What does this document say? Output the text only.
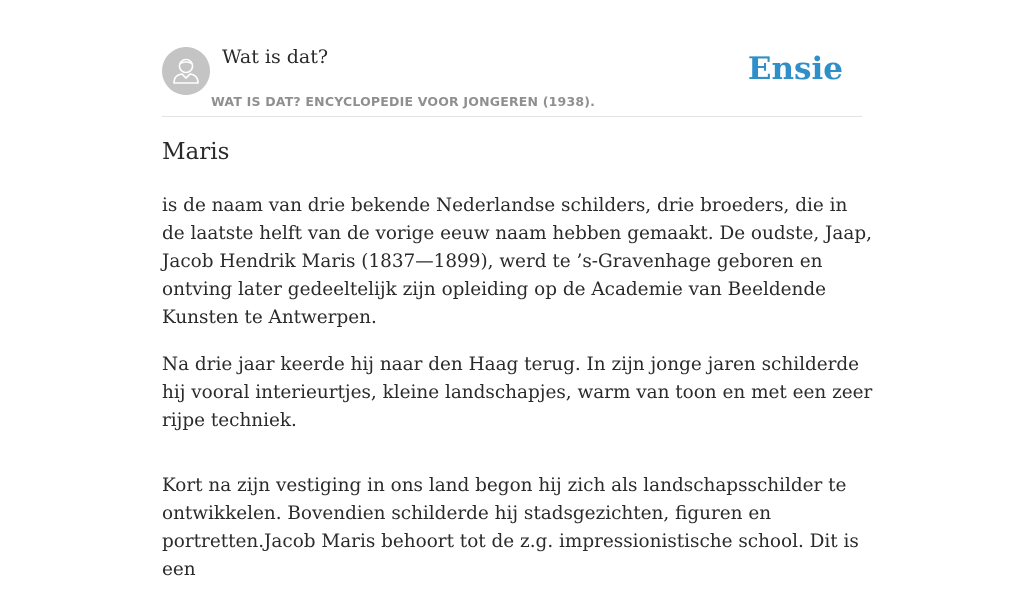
Wat is dat?
WAT IS DAT? ENCYCLOPEDIE VOOR JONGEREN (1938).
Ensie
Maris

is de naam van drie bekende Nederlandse schilders, drie broeders, die in de laatste helft van de vorige eeuw naam hebben gemaakt. De oudste, Jaap, Jacob Hendrik Maris (1837—1899), werd te ’s-Gravenhage geboren en ontving later gedeeltelijk zijn opleiding op de Academie van Beeldende Kunsten te Antwerpen.

Na drie jaar keerde hij naar den Haag terug. In zijn jonge jaren schilderde hij vooral interieurtjes, kleine landschapjes, warm van toon en met een zeer rijpe techniek.

Kort na zijn vestiging in ons land begon hij zich als landschapsschilder te ontwikkelen. Bovendien schilderde hij stadsgezichten, figuren en portretten.Jacob Maris behoort tot de z.g. impressionistische school. Dit is een
